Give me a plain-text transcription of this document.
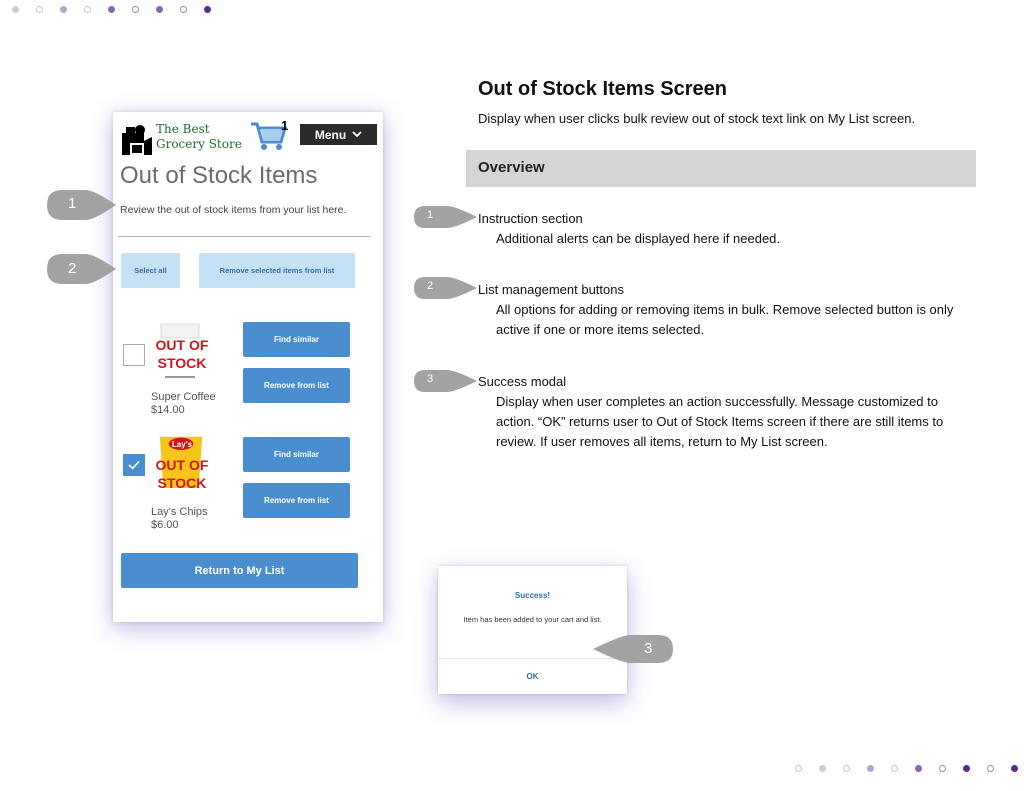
The Best
Grocery Store
1
Menu
Out of Stock Items
Review the out of stock items from your list here.
Select all	Remove selected items from list
OUT OF
STOCK
Super Coffee
$14.00
Find similar
Remove from list
Lay's
OUT OF
STOCK
Lay's Chips
$6.00
Find similar
Remove from list
Return to My List
1
2
Out of Stock Items Screen
Display when user clicks bulk review out of stock text link on My List screen.
Overview
1	Instruction section
Additional alerts can be displayed here if needed.
2	List management buttons
All options for adding or removing items in bulk. Remove selected button is only active if one or more items selected.
3	Success modal
Display when user completes an action successfully. Message customized to action. “OK” returns user to Out of Stock Items screen if there are still items to review. If user removes all items, return to My List screen.
Success!
Item has been added to your cart and list.
OK
3
